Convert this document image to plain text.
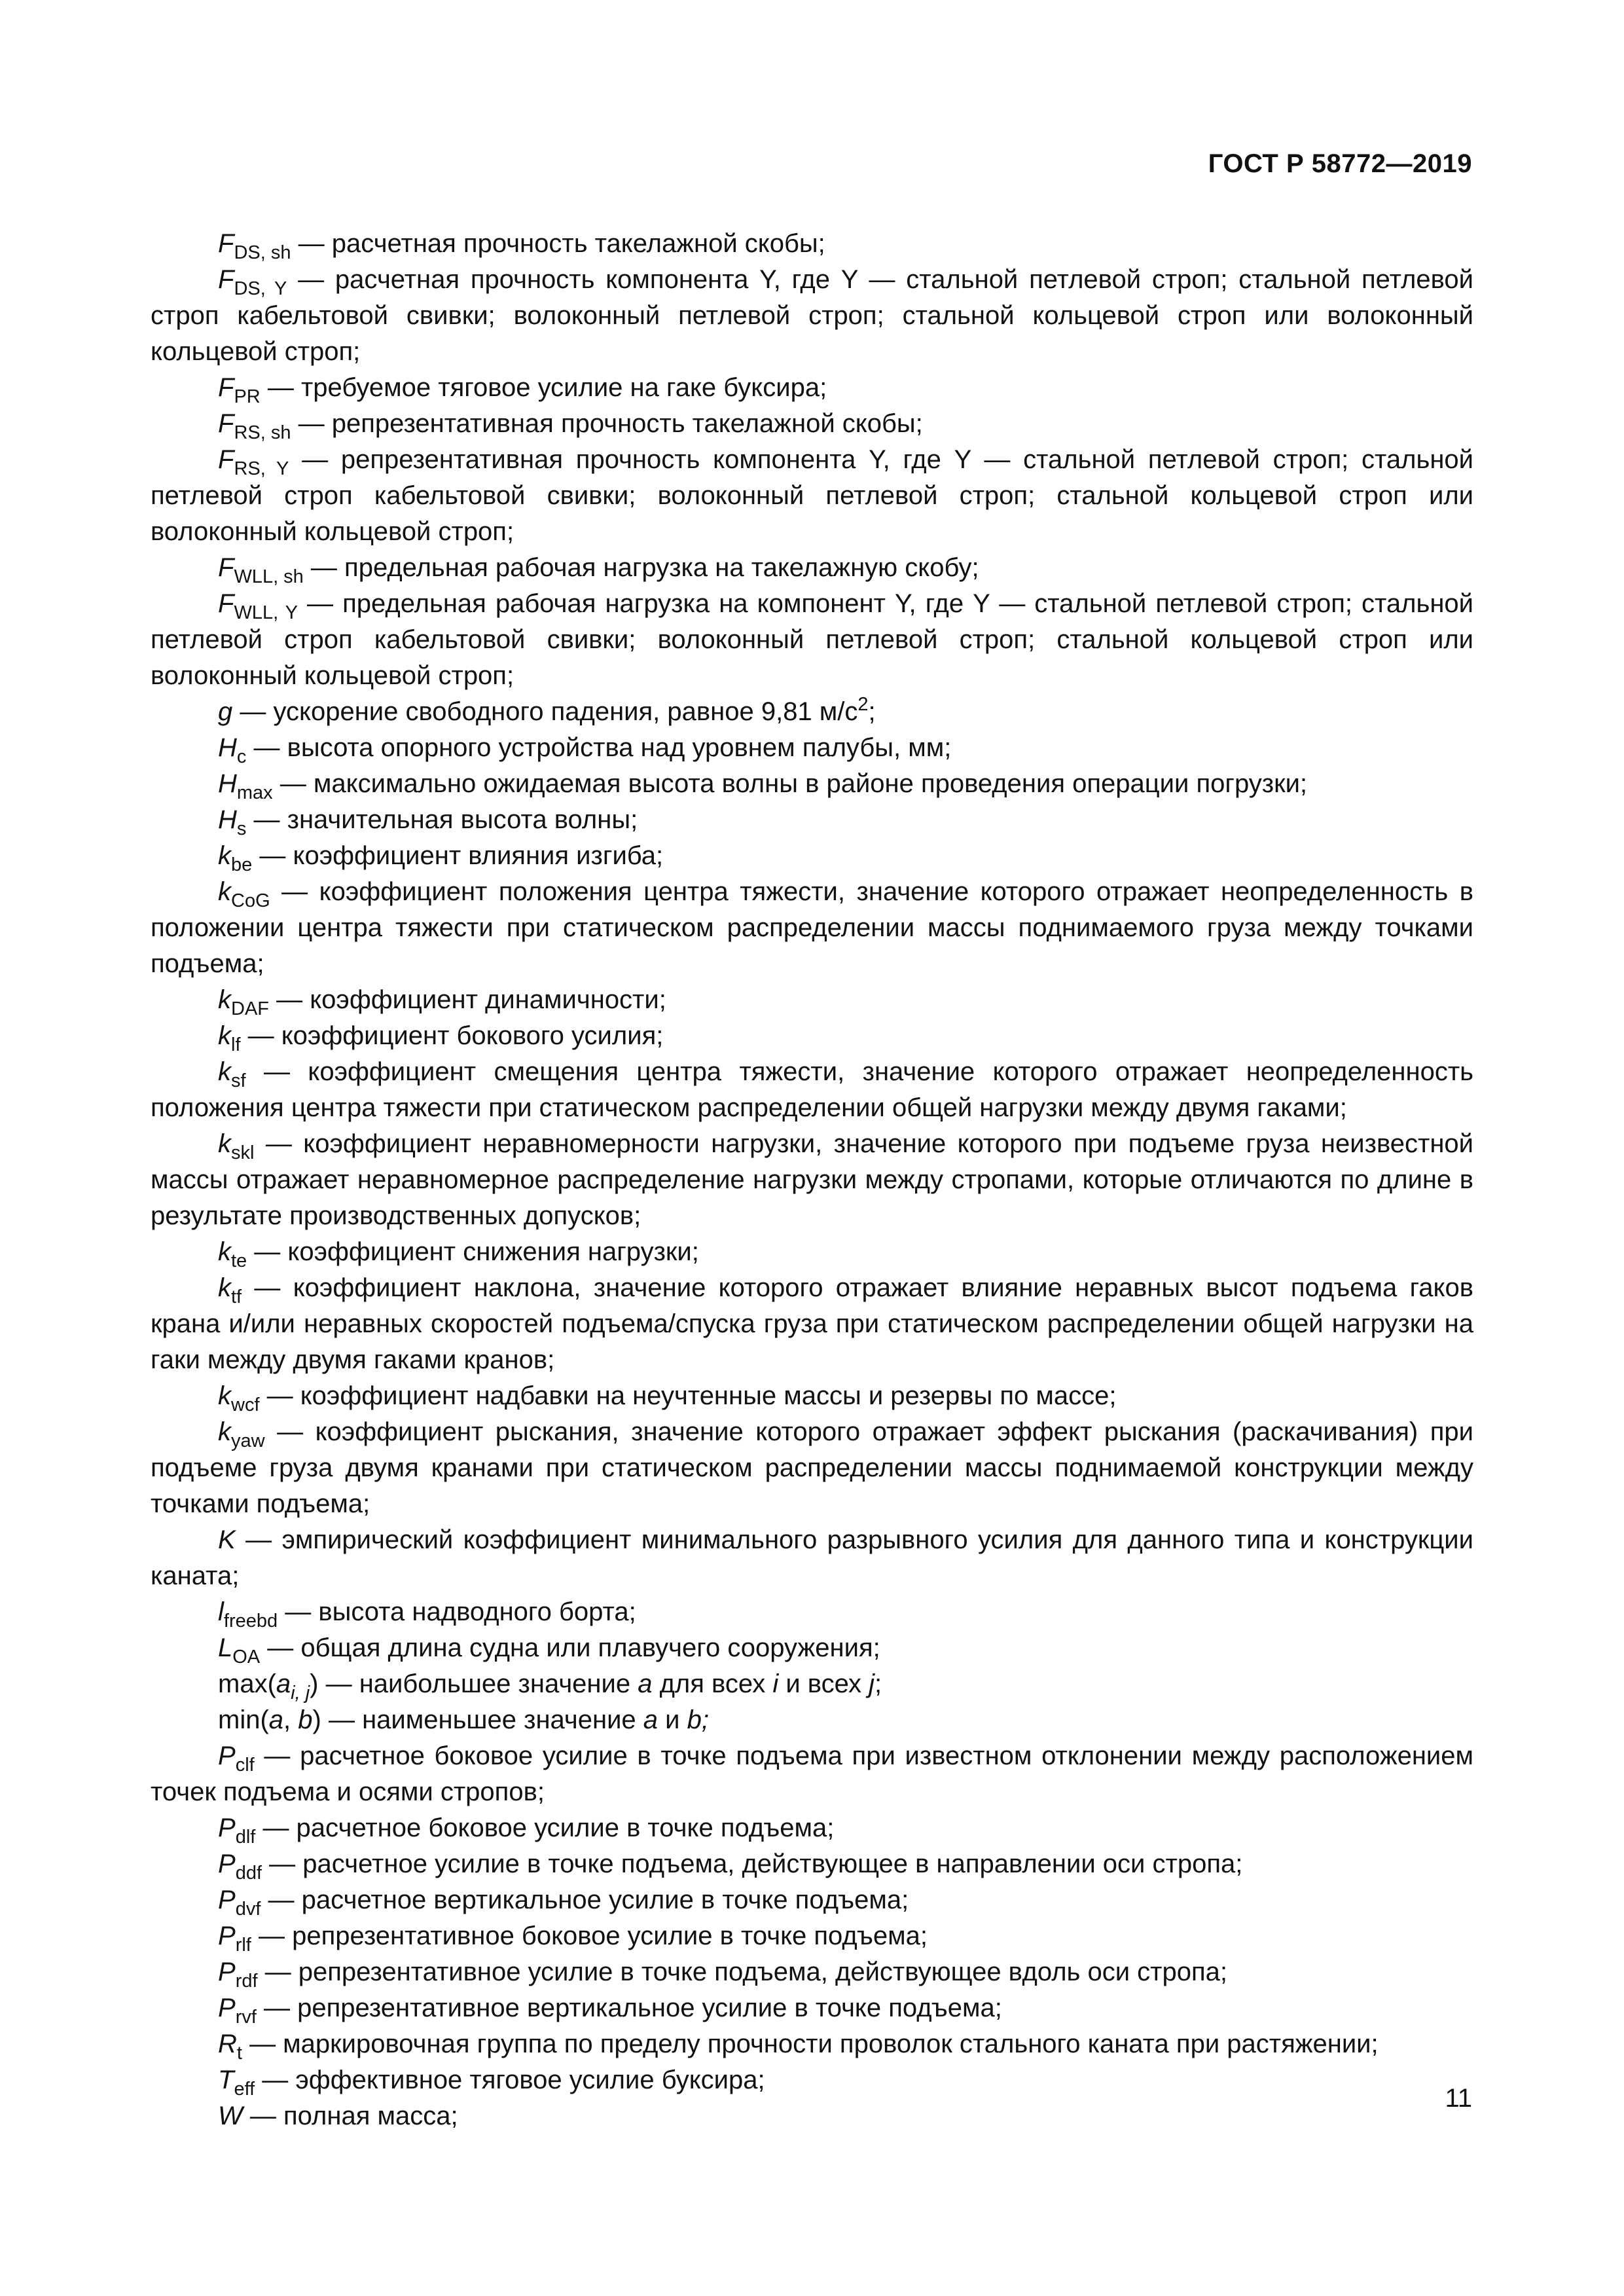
ГОСТ Р 58772—2019

$F_{DS, sh}$ — расчетная прочность такелажной скобы;

$F_{DS, Y}$ — расчетная прочность компонента Y, где Y — стальной петлевой строп; стальной петлевой строп кабельтовой свивки; волоконный петлевой строп; стальной кольцевой строп или волоконный кольцевой строп;

$F_{PR}$ — требуемое тяговое усилие на гаке буксира;

$F_{RS, sh}$ — репрезентативная прочность такелажной скобы;

$F_{RS, Y}$ — репрезентативная прочность компонента Y, где Y — стальной петлевой строп; стальной петлевой строп кабельтовой свивки; волоконный петлевой строп; стальной кольцевой строп или волоконный кольцевой строп;

$F_{WLL, sh}$ — предельная рабочая нагрузка на такелажную скобу;

$F_{WLL, Y}$ — предельная рабочая нагрузка на компонент Y, где Y — стальной петлевой строп; стальной петлевой строп кабельтовой свивки; волоконный петлевой строп; стальной кольцевой строп или волоконный кольцевой строп;

g — ускорение свободного падения, равное 9,81 $м/с^2$;

$H_c$ — высота опорного устройства над уровнем палубы, мм;

$H_{max}$ — максимально ожидаемая высота волны в районе проведения операции погрузки;

$H_s$ — значительная высота волны;

$k_{be}$ — коэффициент влияния изгиба;

$k_{CoG}$ — коэффициент положения центра тяжести, значение которого отражает неопределенность в положении центра тяжести при статическом распределении массы поднимаемого груза между точками подъема;

$k_{DAF}$ — коэффициент динамичности;

$k_{lf}$ — коэффициент бокового усилия;

$k_{sf}$ — коэффициент смещения центра тяжести, значение которого отражает неопределенность положения центра тяжести при статическом распределении общей нагрузки между двумя гаками;

$k_{skl}$ — коэффициент неравномерности нагрузки, значение которого при подъеме груза неизвестной массы отражает неравномерное распределение нагрузки между стропами, которые отличаются по длине в результате производственных допусков;

$k_{te}$ — коэффициент снижения нагрузки;

$k_{tf}$ — коэффициент наклона, значение которого отражает влияние неравных высот подъема гаков крана и/или неравных скоростей подъема/спуска груза при статическом распределении общей нагрузки на гаки между двумя гаками кранов;

$k_{wcf}$ — коэффициент надбавки на неучтенные массы и резервы по массе;

$k_{yaw}$ — коэффициент рыскания, значение которого отражает эффект рыскания (раскачивания) при подъеме груза двумя кранами при статическом распределении массы поднимаемой конструкции между точками подъема;

K — эмпирический коэффициент минимального разрывного усилия для данного типа и конструкции каната;

$l_{freebd}$ — высота надводного борта;

$L_{OA}$ — общая длина судна или плавучего сооружения;

$\max(a_{i, j})$ — наибольшее значение a для всех i и всех j;

min(a, b) — наименьшее значение a и b;

$P_{clf}$ — расчетное боковое усилие в точке подъема при известном отклонении между расположением точек подъема и осями стропов;

$P_{dlf}$ — расчетное боковое усилие в точке подъема;

$P_{ddf}$ — расчетное усилие в точке подъема, действующее в направлении оси стропа;

$P_{dvf}$ — расчетное вертикальное усилие в точке подъема;

$P_{rlf}$ — репрезентативное боковое усилие в точке подъема;

$P_{rdf}$ — репрезентативное усилие в точке подъема, действующее вдоль оси стропа;

$P_{rvf}$ — репрезентативное вертикальное усилие в точке подъема;

$R_t$ — маркировочная группа по пределу прочности проволок стального каната при растяжении;

$T_{eff}$ — эффективное тяговое усилие буксира;

W — полная масса;

11
